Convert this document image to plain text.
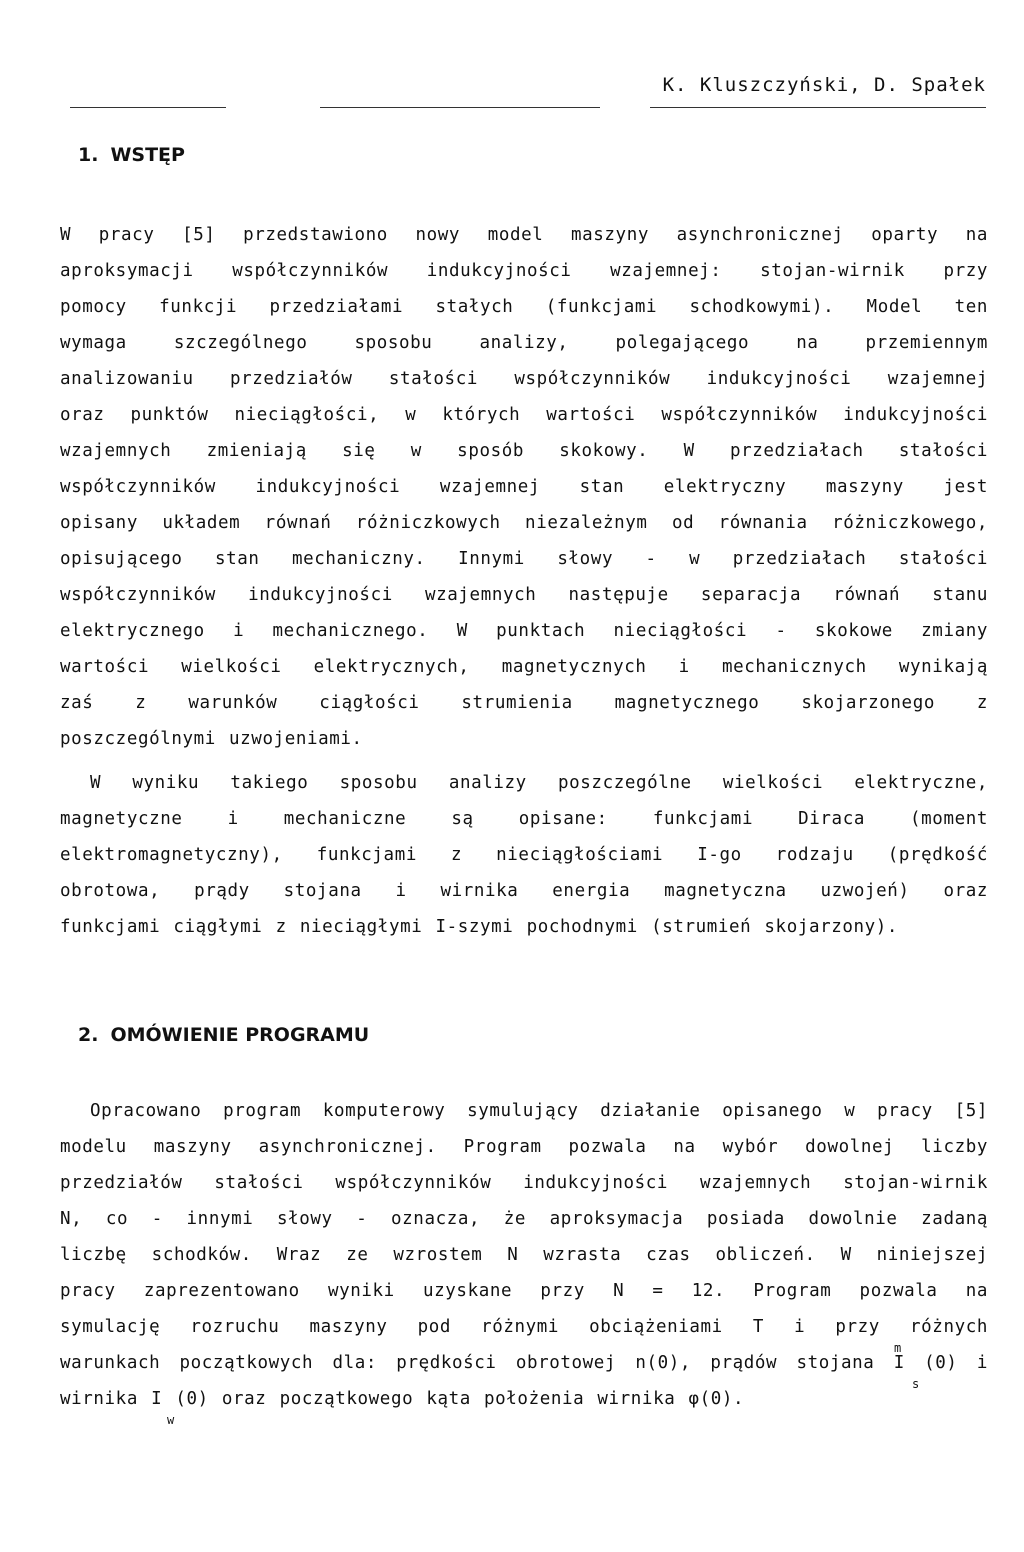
K. Kluszczyński, D. Spałek
1. WSTĘP
W pracy [5] przedstawiono nowy model maszyny asynchronicznej oparty na
aproksymacji współczynników indukcyjności wzajemnej: stojan-wirnik przy
pomocy funkcji przedziałami stałych (funkcjami schodkowymi). Model ten
wymaga szczególnego sposobu analizy, polegającego na przemiennym
analizowaniu przedziałów stałości współczynników indukcyjności wzajemnej
oraz punktów nieciągłości, w których wartości współczynników indukcyjności
wzajemnych zmieniają się w sposób skokowy. W przedziałach stałości
współczynników indukcyjności wzajemnej stan elektryczny maszyny jest
opisany układem równań różniczkowych niezależnym od równania różniczkowego,
opisującego stan mechaniczny. Innymi słowy - w przedziałach stałości
współczynników indukcyjności wzajemnych następuje separacja równań stanu
elektrycznego i mechanicznego. W punktach nieciągłości - skokowe zmiany
wartości wielkości elektrycznych, magnetycznych i mechanicznych wynikają
zaś z warunków ciągłości strumienia magnetycznego skojarzonego z
poszczególnymi uzwojeniami.
W wyniku takiego sposobu analizy poszczególne wielkości elektryczne,
magnetyczne i mechaniczne są opisane: funkcjami Diraca (moment
elektromagnetyczny), funkcjami z nieciągłościami I-go rodzaju (prędkość
obrotowa, prądy stojana i wirnika energia magnetyczna uzwojeń) oraz
funkcjami ciągłymi z nieciągłymi I-szymi pochodnymi (strumień skojarzony).
2. OMÓWIENIE PROGRAMU
Opracowano program komputerowy symulujący działanie opisanego w pracy [5]
modelu maszyny asynchronicznej. Program pozwala na wybór dowolnej liczby
przedziałów stałości współczynników indukcyjności wzajemnych stojan-wirnik
N, co - innymi słowy - oznacza, że aproksymacja posiada dowolnie zadaną
liczbę schodków. Wraz ze wzrostem N wzrasta czas obliczeń. W niniejszej
pracy zaprezentowano wyniki uzyskane przy N = 12. Program pozwala na
symulację rozruchu maszyny pod różnymi obciążeniami T i przy różnych
warunkach początkowych dla: prędkości obrotowej n(0), prądów stojana I (0) i
wirnika I (0) oraz początkowego kąta położenia wirnika φ(0).
m
s
w
